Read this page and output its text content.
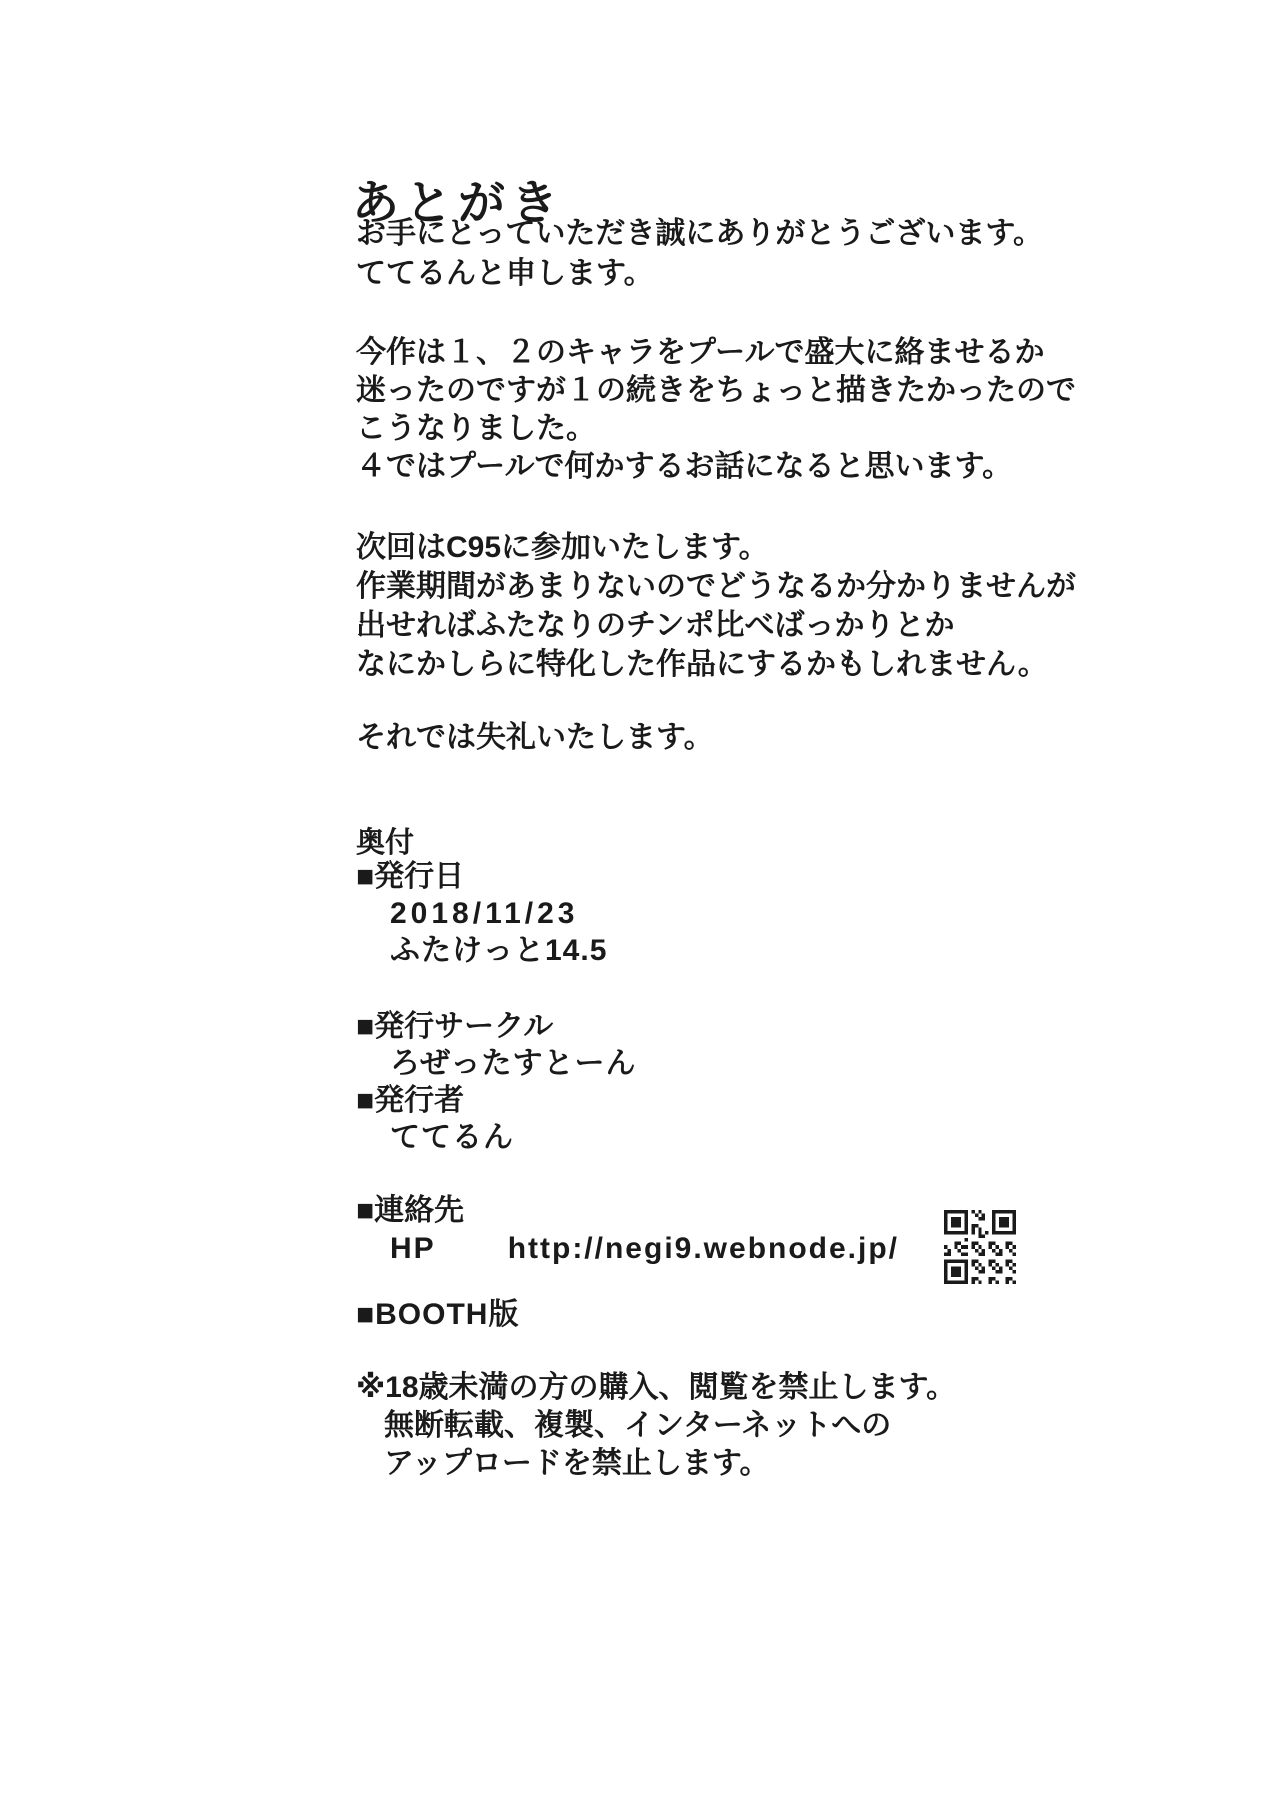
あとがき
お手にとっていただき誠にありがとうございます。
ててるんと申します。
今作は１、２のキャラをプールで盛大に絡ませるか
迷ったのですが１の続きをちょっと描きたかったので
こうなりました。
４ではプールで何かするお話になると思います。
次回はC95に参加いたします。
作業期間があまりないのでどうなるか分かりませんが
出せればふたなりのチンポ比べばっかりとか
なにかしらに特化した作品にするかもしれません。
それでは失礼いたします。
奥付
■発行日
2018/11/23
ふたけっと14.5
■発行サークル
ろぜったすとーん
■発行者
ててるん
■連絡先
HP http://negi9.webnode.jp/
■BOOTH版
※18歳未満の方の購入、閲覧を禁止します。
無断転載、複製、インターネットへの
アップロードを禁止します。
